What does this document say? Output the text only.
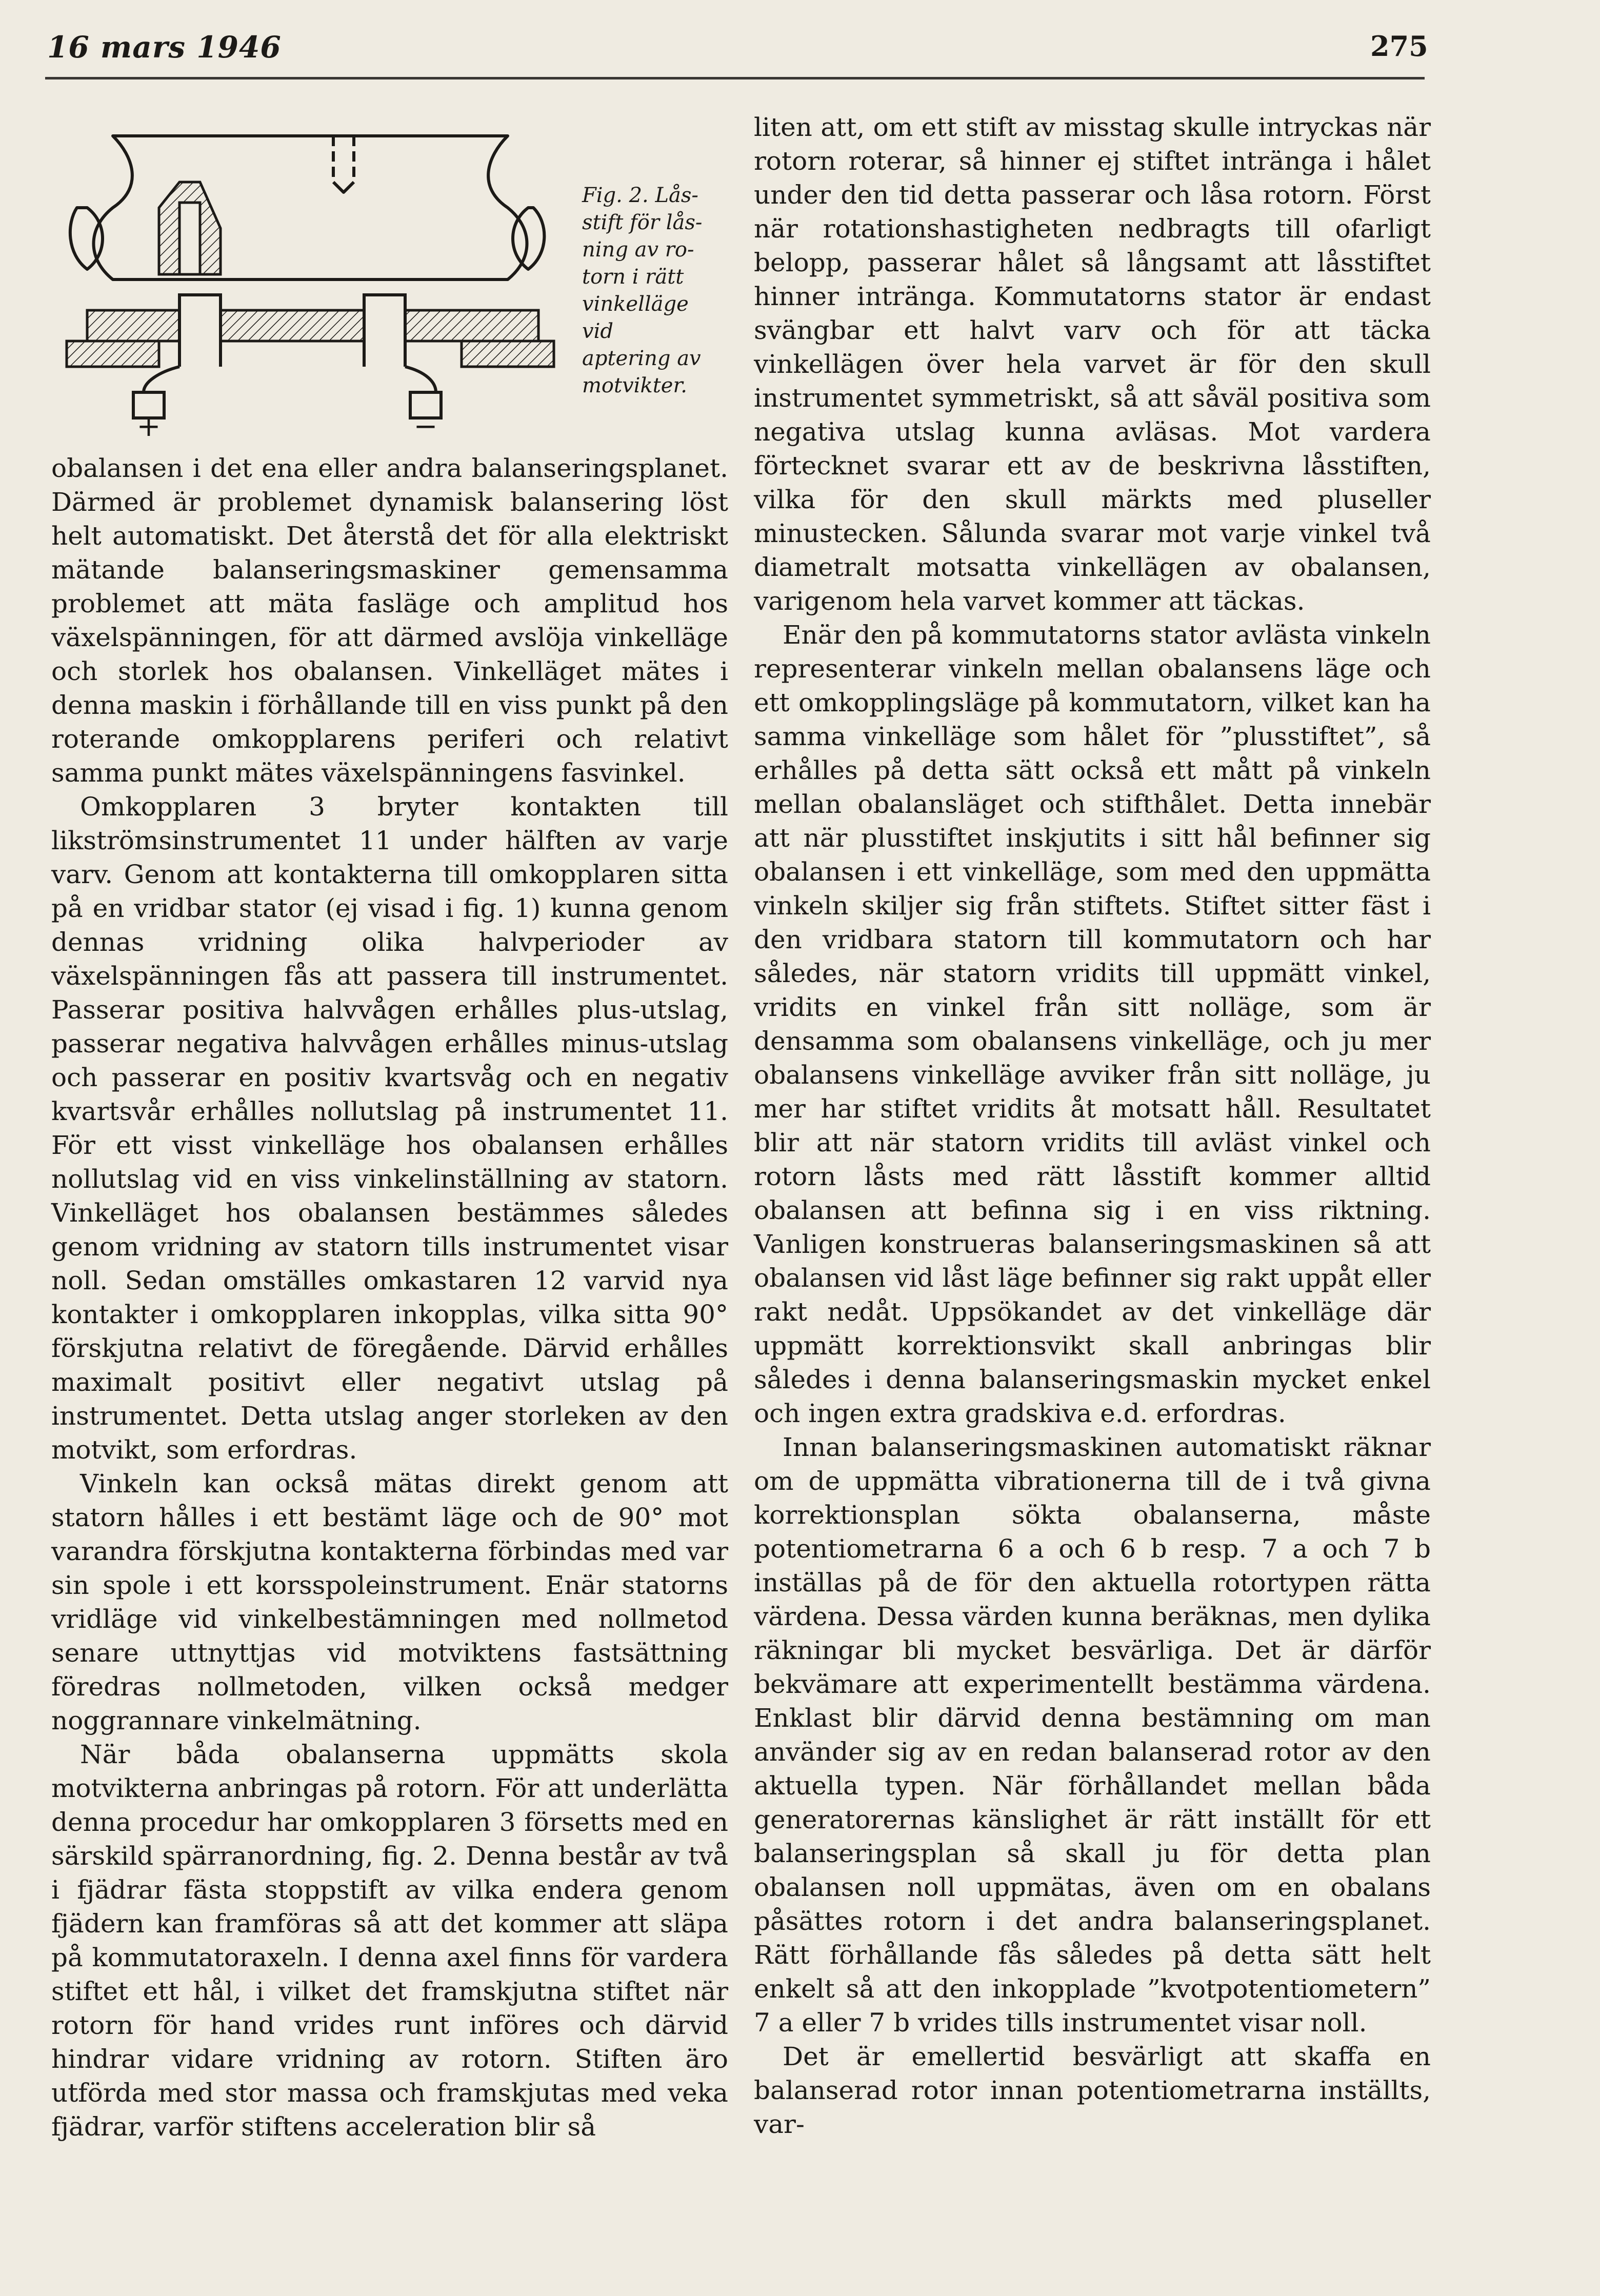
16 mars 1946	275
+	−
Fig. 2. Lås-
stift för lås-
ning av ro-
torn i rätt
vinkelläge vid
aptering av
motvikter.

obalansen i det ena eller andra balanseringsplanet. Därmed är problemet dynamisk balansering löst helt automatiskt. Det återstå det för alla elektriskt mätande balanseringsmaskiner gemensamma problemet att mäta fasläge och amplitud hos växelspänningen, för att därmed avslöja vinkelläge och storlek hos obalansen. Vinkelläget mätes i denna maskin i förhållande till en viss punkt på den roterande omkopplarens periferi och relativt samma punkt mätes växelspänningens fasvinkel.

Omkopplaren 3 bryter kontakten till likströmsinstrumentet 11 under hälften av varje varv. Genom att kontakterna till omkopplaren sitta på en vridbar stator (ej visad i fig. 1) kunna genom dennas vridning olika halvperioder av växelspänningen fås att passera till instrumentet. Passerar positiva halvvågen erhålles plus-utslag, passerar negativa halvvågen erhålles minus-utslag och passerar en positiv kvartsvåg och en negativ kvartsvår erhålles nollutslag på instrumentet 11. För ett visst vinkelläge hos obalansen erhålles nollutslag vid en viss vinkelinställning av statorn. Vinkelläget hos obalansen bestämmes således genom vridning av statorn tills instrumentet visar noll. Sedan omställes omkastaren 12 varvid nya kontakter i omkopplaren inkopplas, vilka sitta 90° förskjutna relativt de föregående. Därvid erhålles maximalt positivt eller negativt utslag på instrumentet. Detta utslag anger storleken av den motvikt, som erfordras.

Vinkeln kan också mätas direkt genom att statorn hålles i ett bestämt läge och de 90° mot varandra förskjutna kontakterna förbindas med var sin spole i ett korsspoleinstrument. Enär statorns vridläge vid vinkelbestämningen med nollmetod senare uttnyttjas vid motviktens fastsättning föredras nollmetoden, vilken också medger noggrannare vinkelmätning.

När båda obalanserna uppmätts skola motvikterna anbringas på rotorn. För att underlätta denna procedur har omkopplaren 3 försetts med en särskild spärranordning, fig. 2. Denna består av två i fjädrar fästa stoppstift av vilka endera genom fjädern kan framföras så att det kommer att släpa på kommutatoraxeln. I denna axel finns för vardera stiftet ett hål, i vilket det framskjutna stiftet när rotorn för hand vrides runt införes och därvid hindrar vidare vridning av rotorn. Stiften äro utförda med stor massa och framskjutas med veka fjädrar, varför stiftens acceleration blir så

liten att, om ett stift av misstag skulle intryckas när rotorn roterar, så hinner ej stiftet inträngа i hålet under den tid detta passerar och låsa rotorn. Först när rotationshastigheten nedbragts till ofarligt belopp, passerar hålet så långsamt att låsstiftet hinner inträngа. Kommutatorns stator är endast svängbar ett halvt varv och för att täcka vinkellägen över hela varvet är för den skull instrumentet symmetriskt, så att såväl positiva som negativa utslag kunna avläsas. Mot vardera förtecknet svarar ett av de beskrivna låsstiften, vilka för den skull märkts med pluseller minustecken. Sålunda svarar mot varje vinkel två diametralt motsatta vinkellägen av obalansen, varigenom hela varvet kommer att täckas.

Enär den på kommutatorns stator avlästa vinkeln representerar vinkeln mellan obalansens läge och ett omkopplingsläge på kommutatorn, vilket kan ha samma vinkelläge som hålet för ”plusstiftet”, så erhålles på detta sätt också ett mått på vinkeln mellan obalansläget och stifthålet. Detta innebär att när plusstiftet inskjutits i sitt hål befinner sig obalansen i ett vinkelläge, som med den uppmätta vinkeln skiljer sig från stiftets. Stiftet sitter fäst i den vridbara statorn till kommutatorn och har således, när statorn vridits till uppmätt vinkel, vridits en vinkel från sitt nolläge, som är densamma som obalansens vinkelläge, och ju mer obalansens vinkelläge avviker från sitt nolläge, ju mer har stiftet vridits åt motsatt håll. Resultatet blir att när statorn vridits till avläst vinkel och rotorn låsts med rätt låsstift kommer alltid obalansen att befinna sig i en viss riktning. Vanligen konstrueras balanseringsmaskinen så att obalansen vid låst läge befinner sig rakt uppåt eller rakt nedåt. Uppsökandet av det vinkelläge där uppmätt korrektionsvikt skall anbringas blir således i denna balanseringsmaskin mycket enkel och ingen extra gradskiva e.d. erfordras.

Innan balanseringsmaskinen automatiskt räknar om de uppmätta vibrationerna till de i två givna korrektionsplan sökta obalanserna, måste potentiometrarna 6 a och 6 b resp. 7 a och 7 b inställas på de för den aktuella rotortypen rätta värdena. Dessa värden kunna beräknas, men dylika räkningar bli mycket besvärliga. Det är därför bekvämare att experimentellt bestämma värdena. Enklast blir därvid denna bestämning om man använder sig av en redan balanserad rotor av den aktuella typen. När förhållandet mellan båda generatorernas känslighet är rätt inställt för ett balanseringsplan så skall ju för detta plan obalansen noll uppmätas, även om en obalans påsättes rotorn i det andra balanseringsplanet. Rätt förhållande fås således på detta sätt helt enkelt så att den inkopplade ”kvotpotentiometern” 7 a eller 7 b vrides tills instrumentet visar noll.

Det är emellertid besvärligt att skaffa en balanserad rotor innan potentiometrarna inställts, var-
